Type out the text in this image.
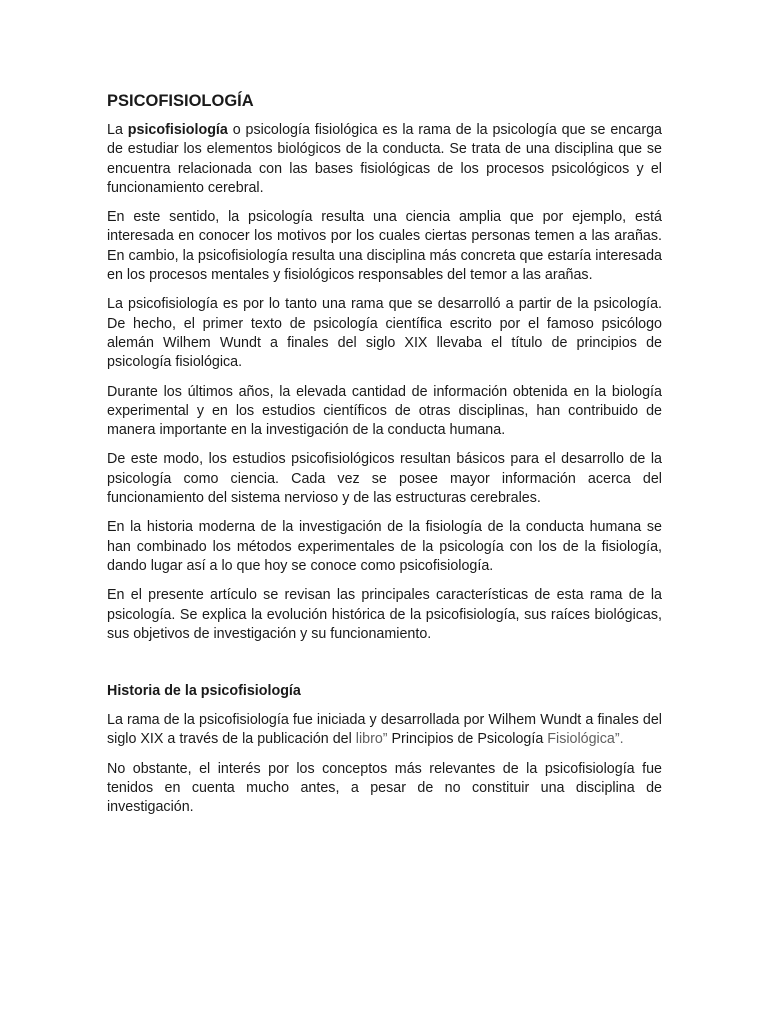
PSICOFISIOLOGÍA

La psicofisiología o psicología fisiológica es la rama de la psicología que se encarga de estudiar los elementos biológicos de la conducta. Se trata de una disciplina que se encuentra relacionada con las bases fisiológicas de los procesos psicológicos y el funcionamiento cerebral.

En este sentido, la psicología resulta una ciencia amplia que por ejemplo, está interesada en conocer los motivos por los cuales ciertas personas temen a las arañas. En cambio, la psicofisiología resulta una disciplina más concreta que estaría interesada en los procesos mentales y fisiológicos responsables del temor a las arañas.

La psicofisiología es por lo tanto una rama que se desarrolló a partir de la psicología. De hecho, el primer texto de psicología científica escrito por el famoso psicólogo alemán Wilhem Wundt a finales del siglo XIX llevaba el título de principios de psicología fisiológica.

Durante los últimos años, la elevada cantidad de información obtenida en la biología experimental y en los estudios científicos de otras disciplinas, han contribuido de manera importante en la investigación de la conducta humana.

De este modo, los estudios psicofisiológicos resultan básicos para el desarrollo de la psicología como ciencia. Cada vez se posee mayor información acerca del funcionamiento del sistema nervioso y de las estructuras cerebrales.

En la historia moderna de la investigación de la fisiología de la conducta humana se han combinado los métodos experimentales de la psicología con los de la fisiología, dando lugar así a lo que hoy se conoce como psicofisiología.

En el presente artículo se revisan las principales características de esta rama de la psicología. Se explica la evolución histórica de la psicofisiología, sus raíces biológicas, sus objetivos de investigación y su funcionamiento.

Historia de la psicofisiología

La rama de la psicofisiología fue iniciada y desarrollada por Wilhem Wundt a finales del siglo XIX a través de la publicación del libro” Principios de Psicología Fisiológica”.

No obstante, el interés por los conceptos más relevantes de la psicofisiología fue tenidos en cuenta mucho antes, a pesar de no constituir una disciplina de investigación.
